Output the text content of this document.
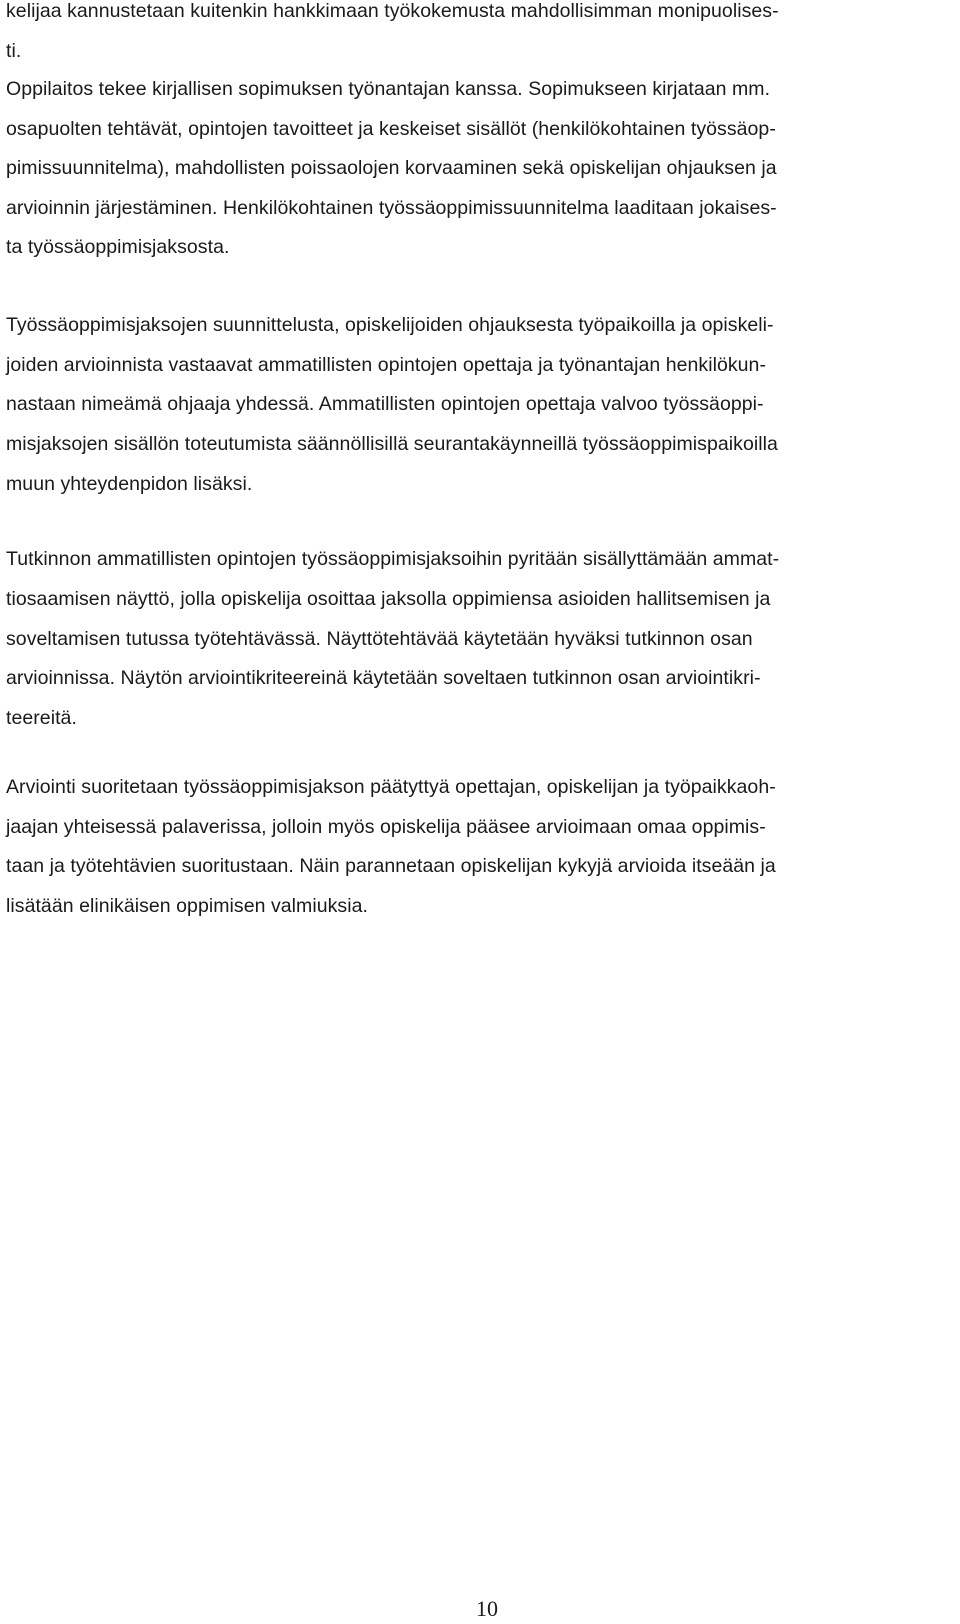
kelijaa kannustetaan kuitenkin hankkimaan työkokemusta mahdollisimman monipuolises-

ti.

Oppilaitos tekee kirjallisen sopimuksen työnantajan kanssa. Sopimukseen kirjataan mm.

osapuolten tehtävät, opintojen tavoitteet ja keskeiset sisällöt (henkilökohtainen työssäop-

pimissuunnitelma), mahdollisten poissaolojen korvaaminen sekä opiskelijan ohjauksen ja

arvioinnin järjestäminen. Henkilökohtainen työssäoppimissuunnitelma laaditaan jokaises-

ta työssäoppimisjaksosta.

Työssäoppimisjaksojen suunnittelusta, opiskelijoiden ohjauksesta työpaikoilla ja opiskeli-

joiden arvioinnista vastaavat ammatillisten opintojen opettaja ja työnantajan henkilökun-

nastaan nimeämä ohjaaja yhdessä. Ammatillisten opintojen opettaja valvoo työssäoppi-

misjaksojen sisällön toteutumista säännöllisillä seurantakäynneillä työssäoppimispaikoilla

muun yhteydenpidon lisäksi.

Tutkinnon ammatillisten opintojen työssäoppimisjaksoihin pyritään sisällyttämään ammat-

tiosaamisen näyttö, jolla opiskelija osoittaa jaksolla oppimiensa asioiden hallitsemisen ja

soveltamisen tutussa työtehtävässä. Näyttötehtävää käytetään hyväksi tutkinnon osan

arvioinnissa. Näytön arviointikriteereinä käytetään soveltaen tutkinnon osan arviointikri-

teereitä.

Arviointi suoritetaan työssäoppimisjakson päätyttyä opettajan, opiskelijan ja työpaikkaoh-

jaajan yhteisessä palaverissa, jolloin myös opiskelija pääsee arvioimaan omaa oppimis-

taan ja työtehtävien suoritustaan. Näin parannetaan opiskelijan kykyjä arvioida itseään ja

lisätään elinikäisen oppimisen valmiuksia.

10
